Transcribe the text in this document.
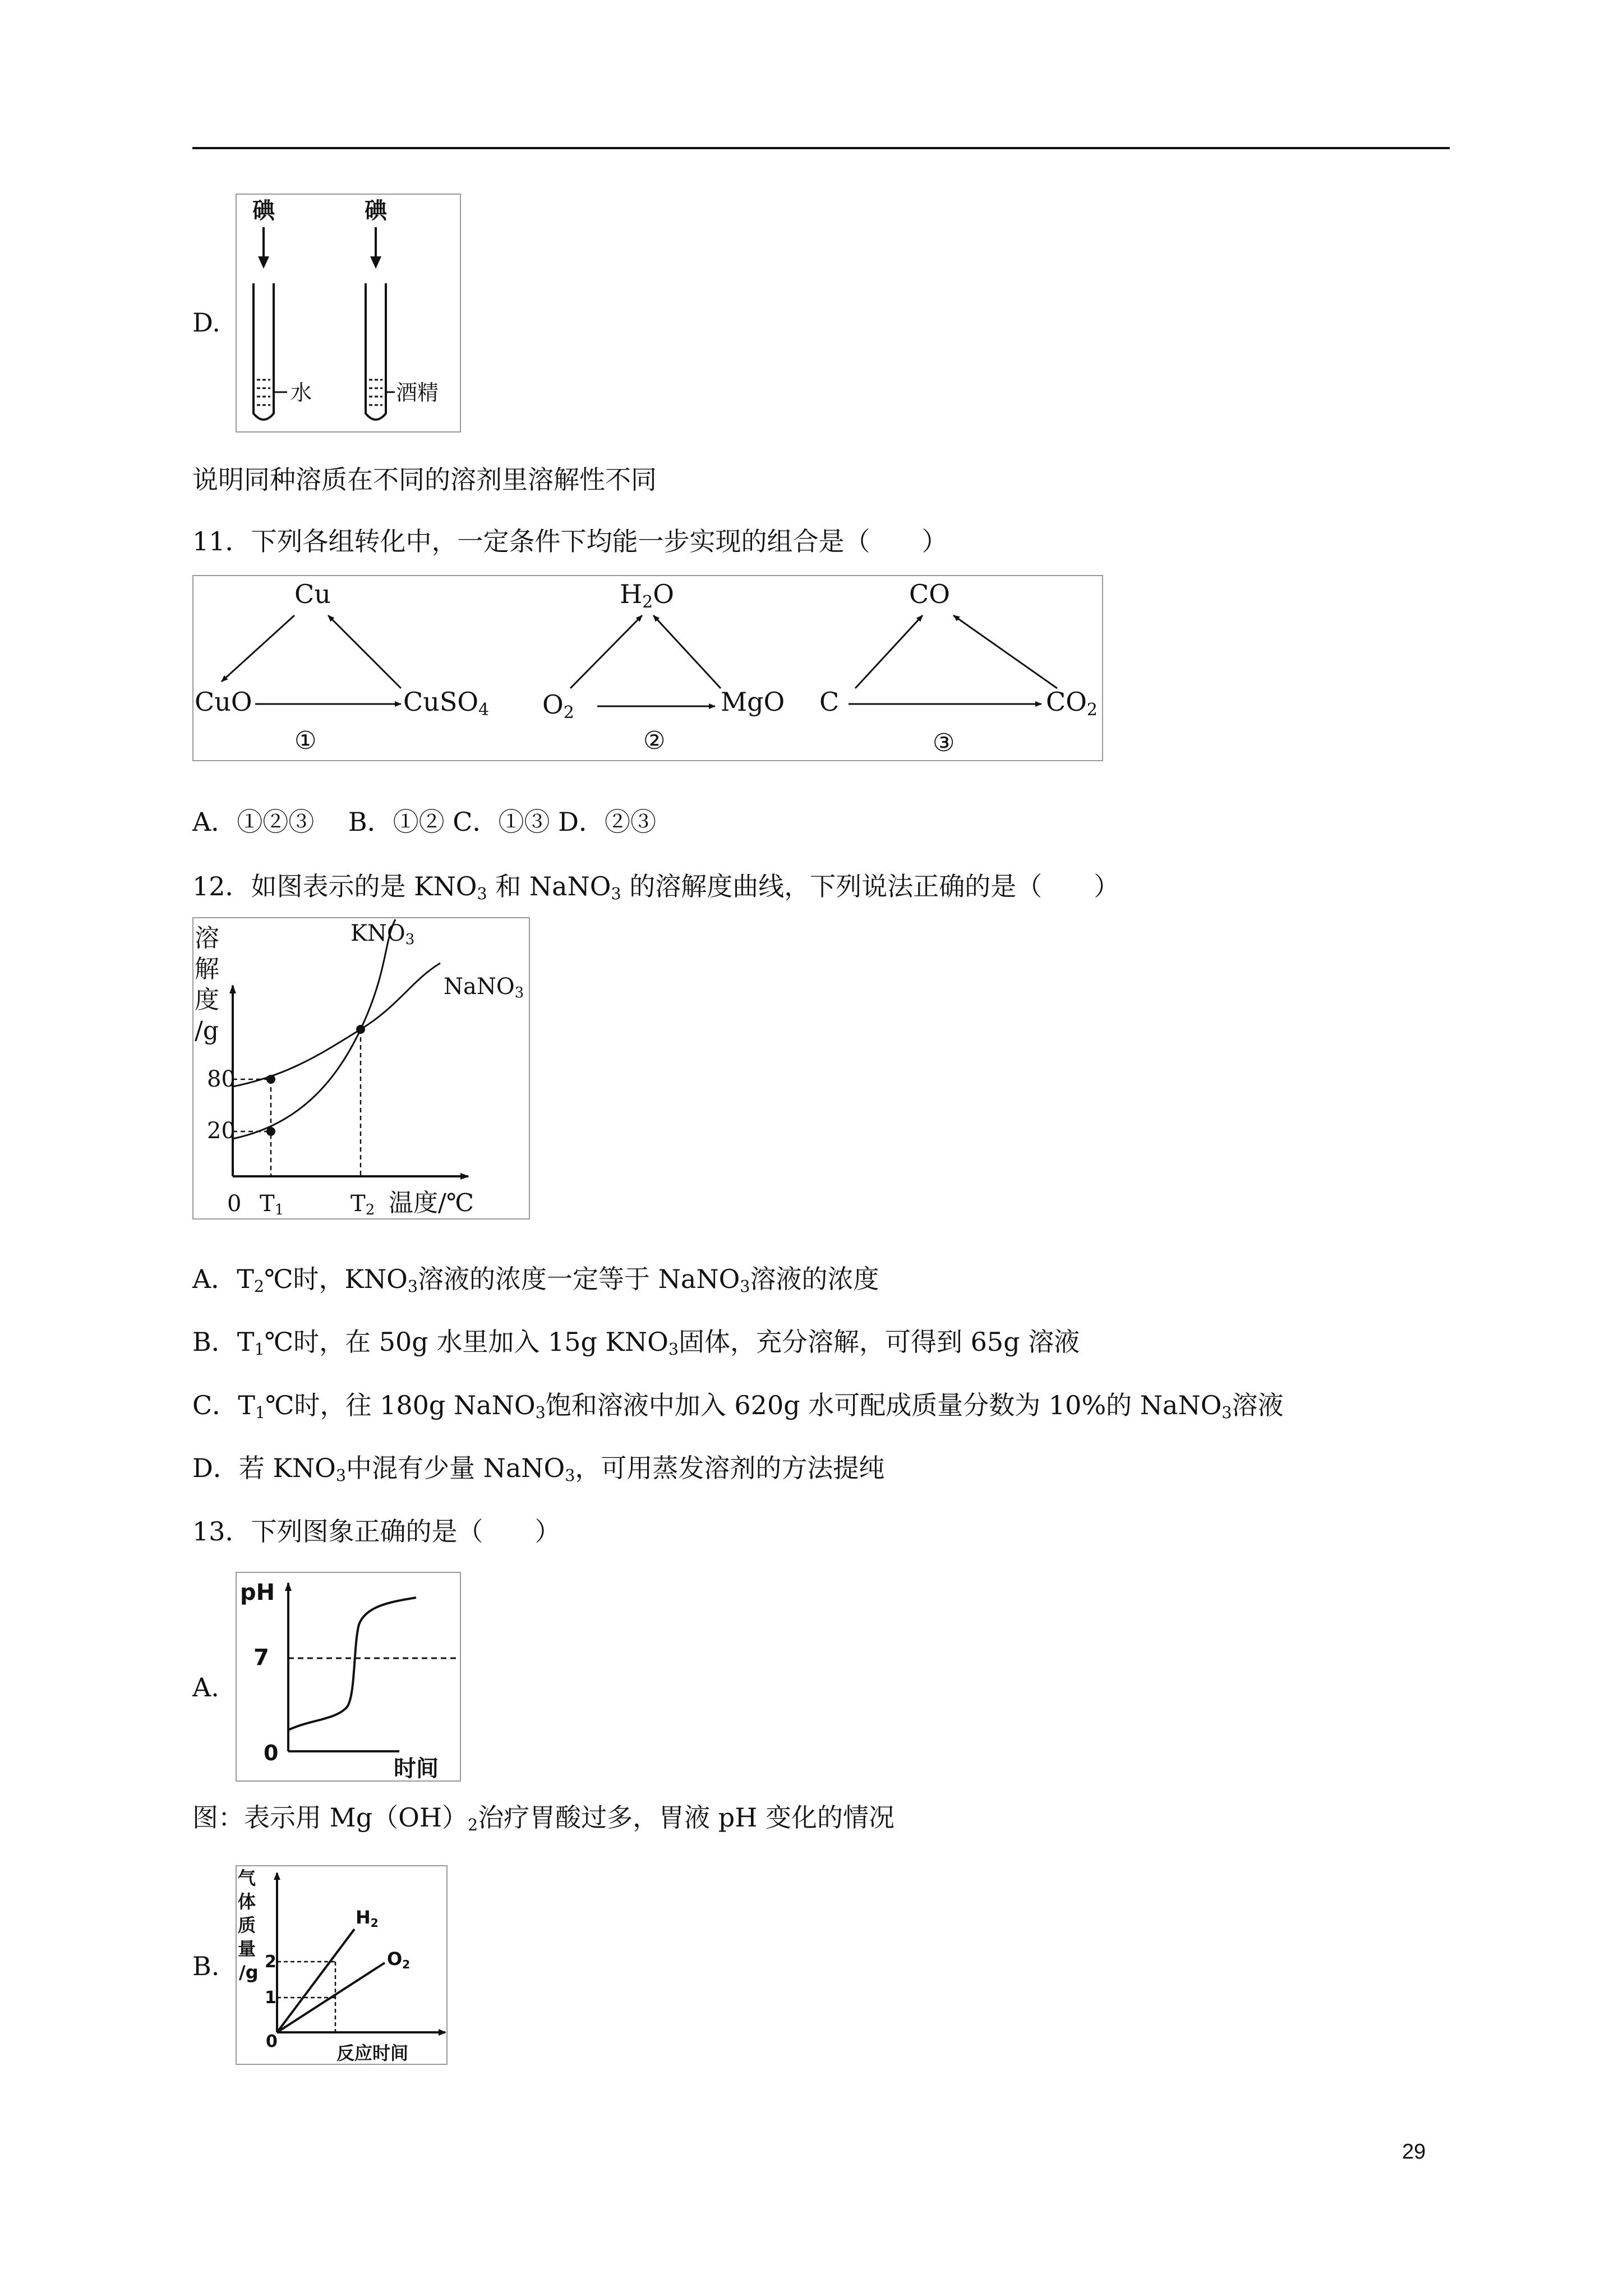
D.
碘	碘
水	酒精
说明同种溶质在不同的溶剂里溶解性不同
11．下列各组转化中，一定条件下均能一步实现的组合是（　　）
Cu
CuO	CuSO4
①
H2O
O2	MgO
②
CO
C	CO2
③
A．①②③　 B．①② C．①③ D．②③
12．如图表示的是 $KNO_3$ 和 NaNO$_3$ 的溶解度曲线，下列说法正确的是（　　）
溶
解
度
/g
0 T1	T2 温度/℃
80
20
KNO3
NaNO3
A．$T_2℃$时，$KNO_3$溶液的浓度一定等于 NaNO$_3$溶液的浓度
B．$T_1℃$时，在 50g 水里加入 15g $KNO_3$固体，充分溶解，可得到 65g 溶液
C．$T_1℃$时，往 180g NaNO$_3$饱和溶液中加入 620g 水可配成质量分数为 10%的 NaNO$_3$溶液
D．若 $KNO_3$中混有少量 NaNO$_3$，可用蒸发溶剂的方法提纯
13．下列图象正确的是（　　）
A.
pH
7
0
时间
图：表示用 $Mg(OH)_2$治疗胃酸过多，胃液 pH 变化的情况
B.
气
体
质
量
/g 2
1
H2
O2
0
反应时间
29
